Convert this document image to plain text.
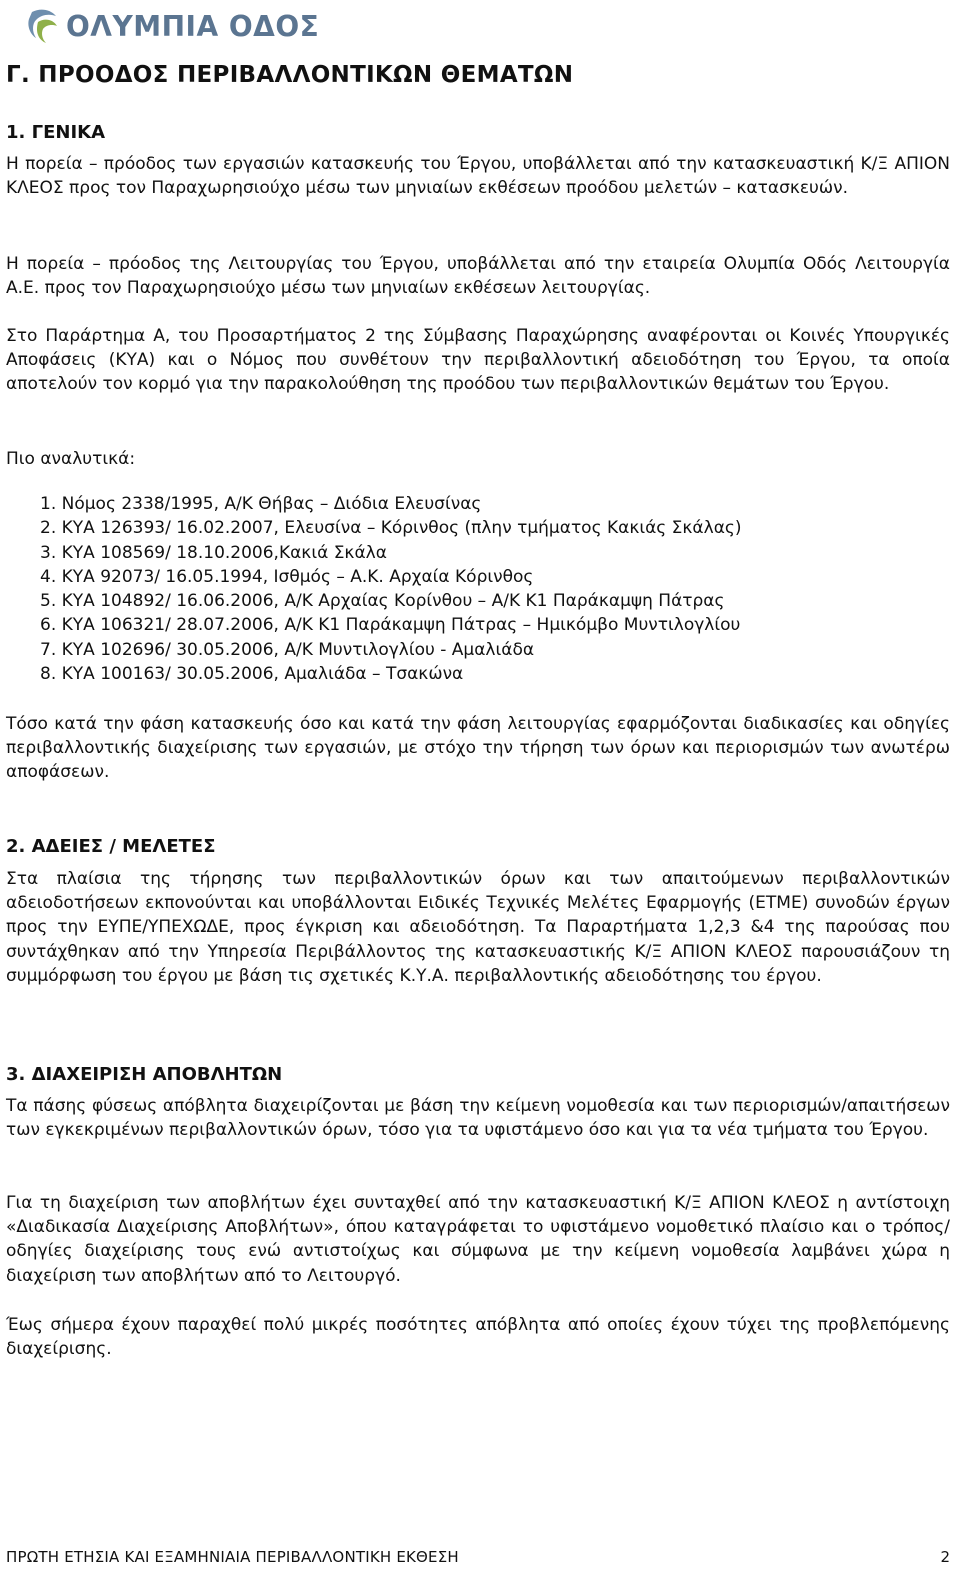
ΟΛΥΜΠΙΑ ΟΔΟΣ
Γ. ΠΡΟΟΔΟΣ ΠΕΡΙΒΑΛΛΟΝΤΙΚΩΝ ΘΕΜΑΤΩΝ
1. ΓΕΝΙΚΑ
Η πορεία – πρόοδος των εργασιών κατασκευής του Έργου, υποβάλλεται από την κατασκευαστική Κ/Ξ ΑΠΙΟΝ ΚΛΕΟΣ προς τον Παραχωρησιούχο μέσω των μηνιαίων εκθέσεων προόδου μελετών – κατασκευών.
Η πορεία – πρόοδος της Λειτουργίας του Έργου, υποβάλλεται από την εταιρεία Ολυμπία Οδός Λειτουργία Α.Ε. προς τον Παραχωρησιούχο μέσω των μηνιαίων εκθέσεων λειτουργίας.
Στο Παράρτημα Α, του Προσαρτήματος 2 της Σύμβασης Παραχώρησης αναφέρονται οι Κοινές Υπουργικές Αποφάσεις (ΚΥΑ) και ο Νόμος που συνθέτουν την περιβαλλοντική αδειοδότηση του Έργου, τα οποία αποτελούν τον κορμό για την παρακολούθηση της προόδου των περιβαλλοντικών θεμάτων του Έργου.
Πιο αναλυτικά:
1. Νόμος 2338/1995, Α/Κ Θήβας – Διόδια Ελευσίνας
2. ΚΥΑ 126393/ 16.02.2007, Ελευσίνα – Κόρινθος (πλην τμήματος Κακιάς Σκάλας)
3. ΚΥΑ 108569/ 18.10.2006,Κακιά Σκάλα
4. ΚΥΑ 92073/ 16.05.1994, Ισθμός – Α.Κ. Αρχαία Κόρινθος
5. ΚΥΑ 104892/ 16.06.2006, Α/Κ Αρχαίας Κορίνθου – Α/Κ Κ1 Παράκαμψη Πάτρας
6. ΚΥΑ 106321/ 28.07.2006, Α/Κ Κ1 Παράκαμψη Πάτρας – Ημικόμβο Μυντιλογλίου
7. ΚΥΑ 102696/ 30.05.2006, Α/Κ Μυντιλογλίου - Αμαλιάδα
8. ΚΥΑ 100163/ 30.05.2006, Αμαλιάδα – Τσακώνα
Τόσο κατά την φάση κατασκευής όσο και κατά την φάση λειτουργίας εφαρμόζονται διαδικασίες και οδηγίες περιβαλλοντικής διαχείρισης των εργασιών, με στόχο την τήρηση των όρων και περιορισμών των ανωτέρω αποφάσεων.
2. ΑΔΕΙΕΣ / ΜΕΛΕΤΕΣ
Στα πλαίσια της τήρησης των περιβαλλοντικών όρων και των απαιτούμενων περιβαλλοντικών αδειοδοτήσεων εκπονούνται και υποβάλλονται Ειδικές Τεχνικές Μελέτες Εφαρμογής (ΕΤΜΕ) συνοδών έργων προς την ΕΥΠΕ/ΥΠΕΧΩΔΕ, προς έγκριση και αδειοδότηση. Τα Παραρτήματα 1,2,3 &4 της παρούσας που συντάχθηκαν από την Υπηρεσία Περιβάλλοντος της κατασκευαστικής Κ/Ξ ΑΠΙΟΝ ΚΛΕΟΣ παρουσιάζουν τη συμμόρφωση του έργου με βάση τις σχετικές Κ.Υ.Α. περιβαλλοντικής αδειοδότησης του έργου.
3. ΔΙΑΧΕΙΡΙΣΗ ΑΠΟΒΛΗΤΩΝ
Τα πάσης φύσεως απόβλητα διαχειρίζονται με βάση την κείμενη νομοθεσία και των περιορισμών/απαιτήσεων των εγκεκριμένων περιβαλλοντικών όρων, τόσο για τα υφιστάμενο όσο και για τα νέα τμήματα του Έργου.
Για τη διαχείριση των αποβλήτων έχει συνταχθεί από την κατασκευαστική Κ/Ξ ΑΠΙΟΝ ΚΛΕΟΣ η αντίστοιχη «Διαδικασία Διαχείρισης Αποβλήτων», όπου καταγράφεται το υφιστάμενο νομοθετικό πλαίσιο και ο τρόπος/οδηγίες διαχείρισης τους ενώ αντιστοίχως και σύμφωνα με την κείμενη νομοθεσία λαμβάνει χώρα η διαχείριση των αποβλήτων από το Λειτουργό.
Έως σήμερα έχουν παραχθεί πολύ μικρές ποσότητες απόβλητα από οποίες έχουν τύχει της προβλεπόμενης διαχείρισης.
ΠΡΩΤΗ ΕΤΗΣΙΑ ΚΑΙ ΕΞΑΜΗΝΙΑΙΑ ΠΕΡΙΒΑΛΛΟΝΤΙΚΗ ΕΚΘΕΣΗ	2
